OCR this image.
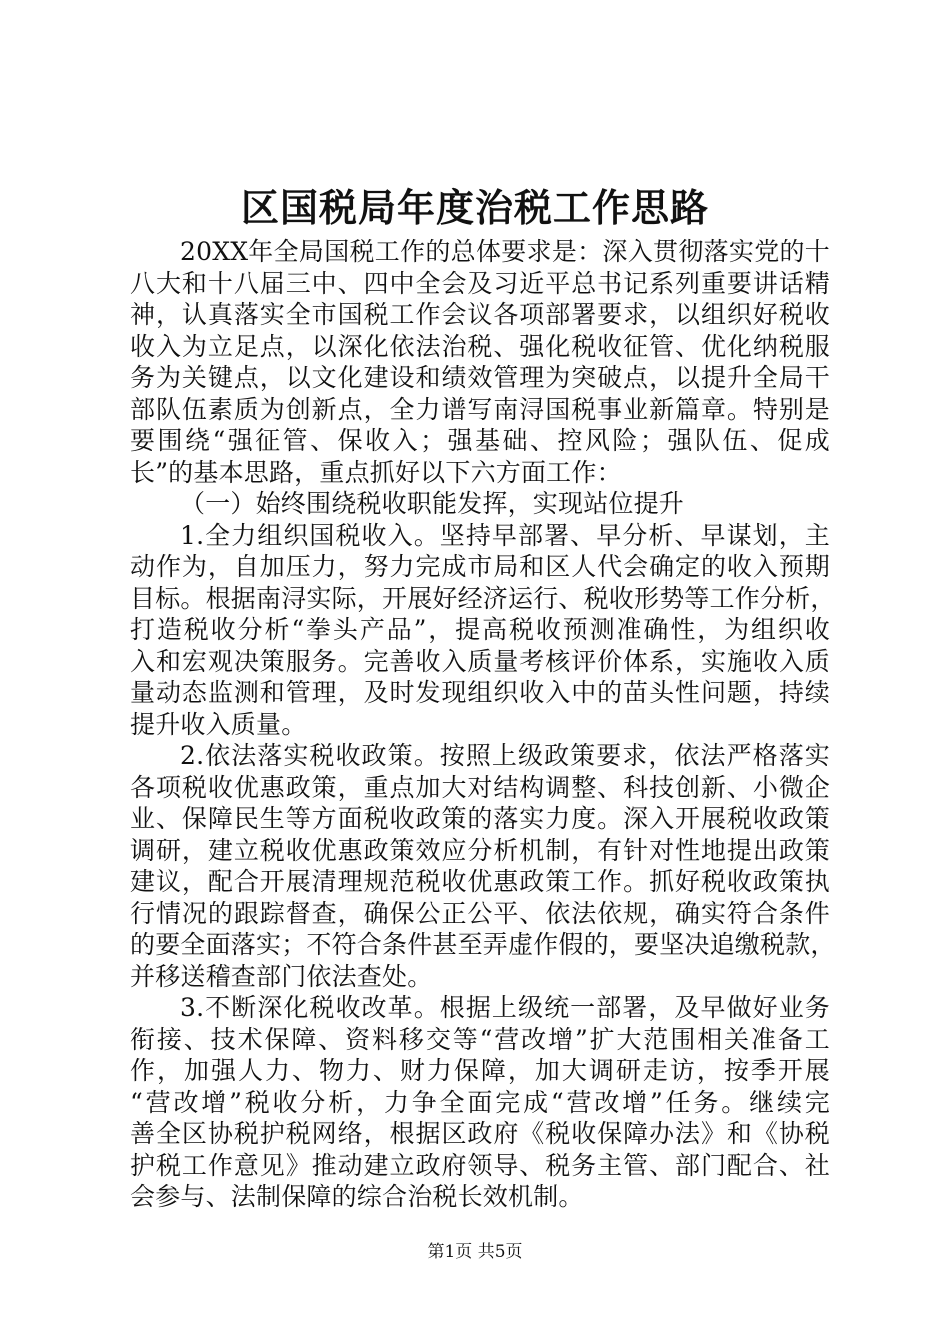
区国税局年度治税工作思路
20XX年全局国税工作的总体要求是：深入贯彻落实党的十
八大和十八届三中、四中全会及习近平总书记系列重要讲话精
神，认真落实全市国税工作会议各项部署要求，以组织好税收
收入为立足点，以深化依法治税、强化税收征管、优化纳税服
务为关键点，以文化建设和绩效管理为突破点，以提升全局干
部队伍素质为创新点，全力谱写南浔国税事业新篇章。特别是
要围绕“强征管、保收入；强基础、控风险；强队伍、促成
长”的基本思路，重点抓好以下六方面工作：
（一）始终围绕税收职能发挥，实现站位提升
1.全力组织国税收入。坚持早部署、早分析、早谋划，主
动作为，自加压力，努力完成市局和区人代会确定的收入预期
目标。根据南浔实际，开展好经济运行、税收形势等工作分析，
打造税收分析“拳头产品”，提高税收预测准确性，为组织收
入和宏观决策服务。完善收入质量考核评价体系，实施收入质
量动态监测和管理，及时发现组织收入中的苗头性问题，持续
提升收入质量。
2.依法落实税收政策。按照上级政策要求，依法严格落实
各项税收优惠政策，重点加大对结构调整、科技创新、小微企
业、保障民生等方面税收政策的落实力度。深入开展税收政策
调研，建立税收优惠政策效应分析机制，有针对性地提出政策
建议，配合开展清理规范税收优惠政策工作。抓好税收政策执
行情况的跟踪督查，确保公正公平、依法依规，确实符合条件
的要全面落实；不符合条件甚至弄虚作假的，要坚决追缴税款，
并移送稽查部门依法查处。
3.不断深化税收改革。根据上级统一部署，及早做好业务
衔接、技术保障、资料移交等“营改增”扩大范围相关准备工
作，加强人力、物力、财力保障，加大调研走访，按季开展
“营改增”税收分析，力争全面完成“营改增”任务。继续完
善全区协税护税网络，根据区政府《税收保障办法》和《协税
护税工作意见》推动建立政府领导、税务主管、部门配合、社
会参与、法制保障的综合治税长效机制。
第1页 共5页
